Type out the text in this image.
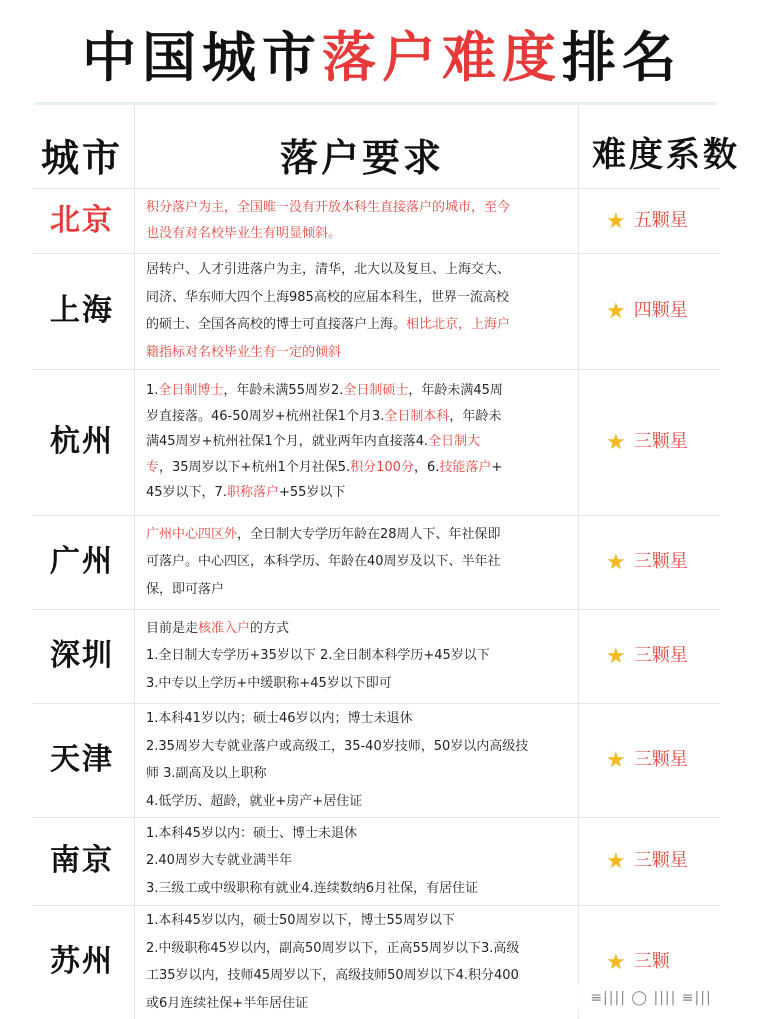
中国城市落户难度排名
城市	落户要求	难度系数
北京	积分落户为主，全国唯一没有开放本科生直接落户的城市，至今
也没有对名校毕业生有明显倾斜。	★ 五颗星
上海
居转户、人才引进落户为主，清华，北大以及复旦、上海交大、
同济、华东师大四个上海985高校的应届本科生，世界一流高校
的硕士、全国各高校的博士可直接落户上海。相比北京，上海户
籍指标对名校毕业生有一定的倾斜
★ 四颗星
杭州
1.全日制博士，年龄未满55周岁2.全日制硕士，年龄未满45周
岁直接落。46-50周岁+杭州社保1个月3.全日制本科，年龄未
满45周岁+杭州社保1个月，就业两年内直接落4.全日制大
专，35周岁以下+杭州1个月社保5.积分100分，6.技能落户+
45岁以下，7.职称落户+55岁以下
★ 三颗星
广州
广州中心四区外，全日制大专学历年龄在28周人下、年社保即
可落户。中心四区，本科学历、年龄在40周岁及以下、半年社
保，即可落户
★ 三颗星
深圳
目前是走核准入户的方式
1.全日制大专学历+35岁以下 2.全日制本科学历+45岁以下
3.中专以上学历+中缓职称+45岁以下即可
★ 三颗星
天津
1.本科41岁以内；硕士46岁以内；博士未退休
2.35周岁大专就业落户或高级工，35-40岁技师，50岁以内高级技
师 3.副高及以上职称
4.低学历、超龄，就业+房产+居住证
★ 三颗星
南京
1.本科45岁以内：硕士、博士未退休
2.40周岁大专就业满半年
3.三级工或中级职称有就业4.连续数纳6月社保，有居住证
★ 三颗星
苏州
1.本科45岁以内，硕士50周岁以下，博士55周岁以下
2.中级职称45岁以内，副高50周岁以下，正高55周岁以下3.高级
工35岁以内，技师45周岁以下，高级技师50周岁以下4.积分400
或6月连续社保+半年居住证
★ 三颗
≡|||| ◯ |||| ≡|||
